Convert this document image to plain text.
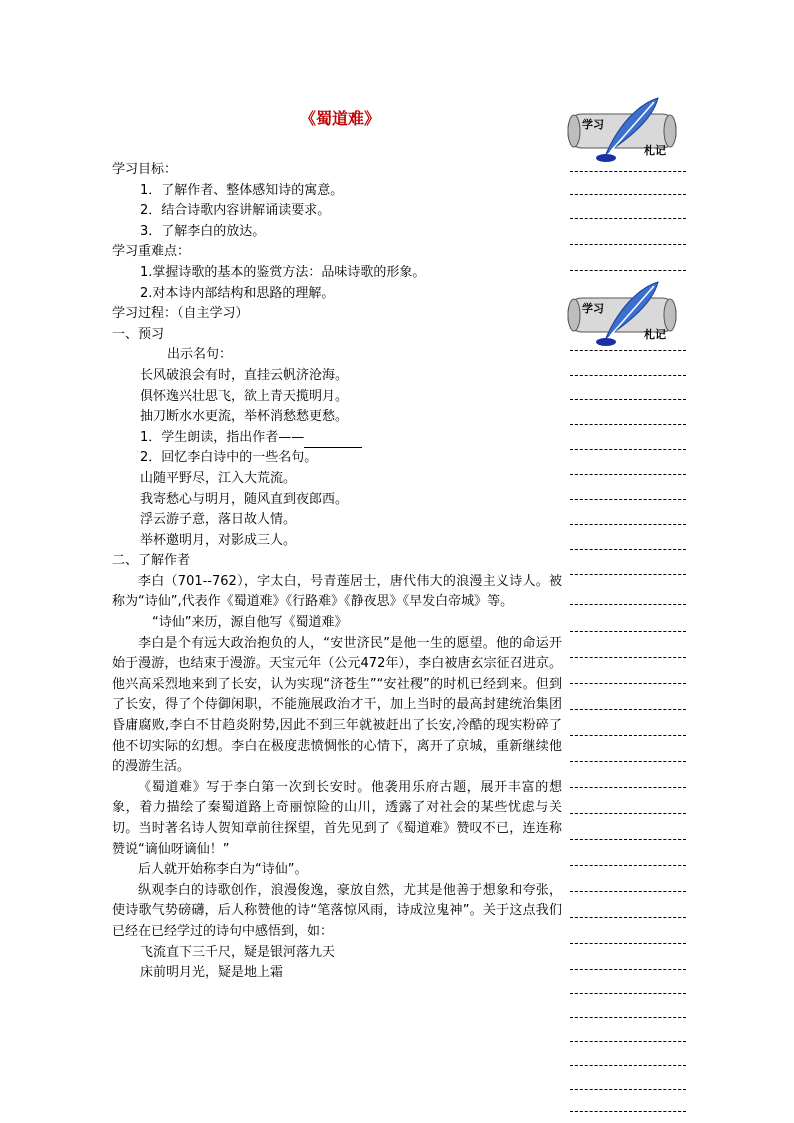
《蜀道难》	学习
札记
学习
札记

学习目标：

1．了解作者、整体感知诗的寓意。

2．结合诗歌内容讲解诵读要求。

3．了解李白的放达。

学习重难点：

1.掌握诗歌的基本的鉴赏方法：品味诗歌的形象。

2.对本诗内部结构和思路的理解。

学习过程：（自主学习）

一、预习

出示名句：

长风破浪会有时，直挂云帆济沧海。

俱怀逸兴壮思飞，欲上青天揽明月。

抽刀断水水更流，举杯消愁愁更愁。

1．学生朗读，指出作者——

2．回忆李白诗中的一些名句。

山随平野尽，江入大荒流。

我寄愁心与明月，随风直到夜郎西。

浮云游子意，落日故人情。

举杯邀明月，对影成三人。

二、了解作者

李白（701--762），字太白，号青莲居士，唐代伟大的浪漫主义诗人。被称为“诗仙”,代表作《蜀道难》《行路难》《静夜思》《早发白帝城》等。

“诗仙”来历，源自他写《蜀道难》

李白是个有远大政治抱负的人，“安世济民”是他一生的愿望。他的命运开始于漫游，也结束于漫游。天宝元年（公元472年），李白被唐玄宗征召进京。他兴高采烈地来到了长安，认为实现“济苍生”“安社稷”的时机已经到来。但到了长安，得了个侍御闲职，不能施展政治才干，加上当时的最高封建统治集团昏庸腐败,李白不甘趋炎附势,因此不到三年就被赶出了长安,冷酷的现实粉碎了他不切实际的幻想。李白在极度悲愤惆怅的心情下，离开了京城，重新继续他的漫游生活。

《蜀道难》写于李白第一次到长安时。他袭用乐府古题，展开丰富的想象，着力描绘了秦蜀道路上奇丽惊险的山川，透露了对社会的某些忧虑与关切。当时著名诗人贺知章前往探望，首先见到了《蜀道难》赞叹不已，连连称赞说“谪仙呀谪仙！”

后人就开始称李白为“诗仙”。

纵观李白的诗歌创作，浪漫俊逸，豪放自然，尤其是他善于想象和夸张，使诗歌气势磅礴，后人称赞他的诗“笔落惊风雨，诗成泣鬼神”。关于这点我们已经在已经学过的诗句中感悟到，如：

飞流直下三千尺，疑是银河落九天

床前明月光，疑是地上霜
